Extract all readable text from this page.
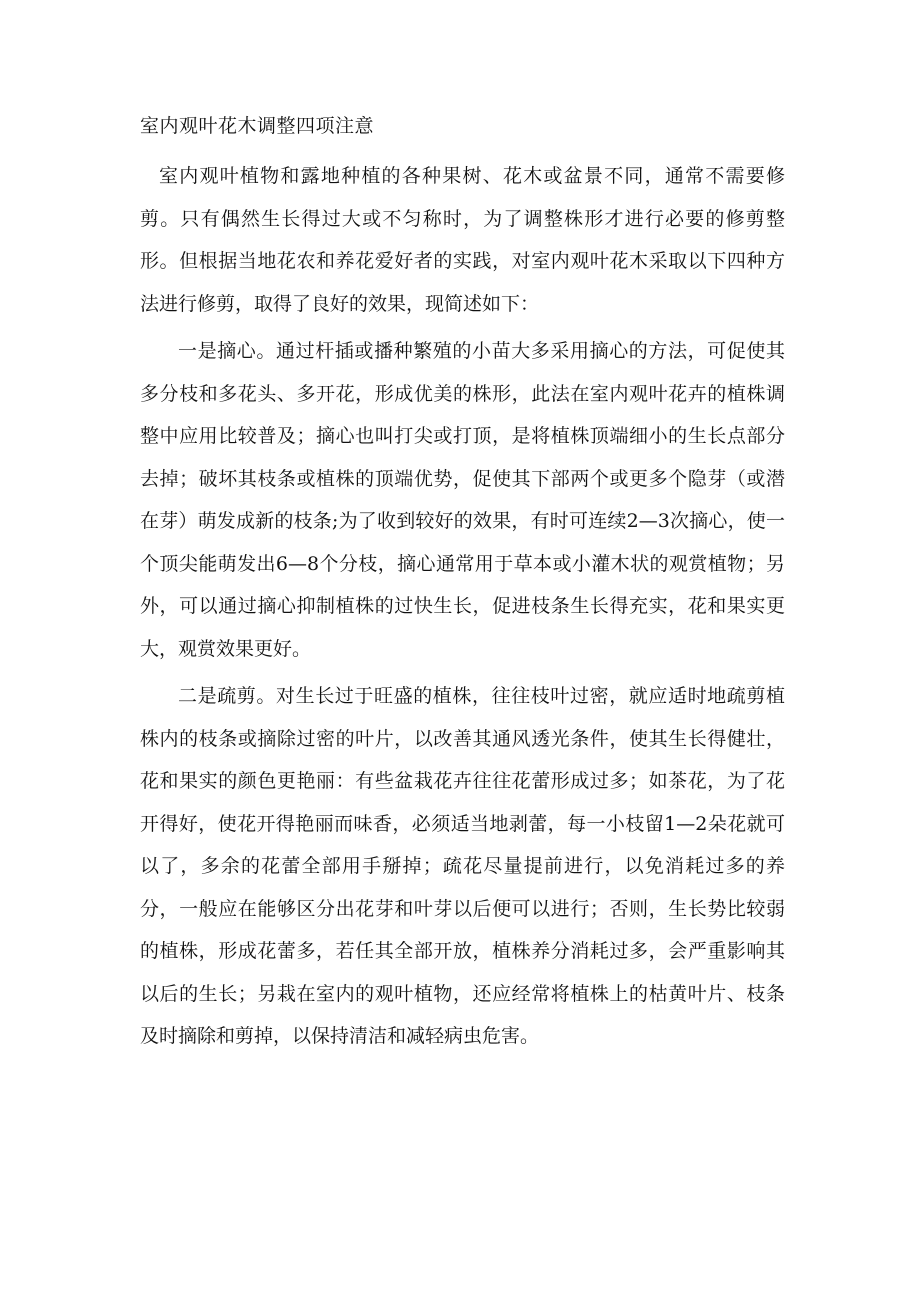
室内观叶花木调整四项注意

室内观叶植物和露地种植的各种果树、花木或盆景不同，通常不需要修剪。只有偶然生长得过大或不匀称时，为了调整株形才进行必要的修剪整形。但根据当地花农和养花爱好者的实践，对室内观叶花木采取以下四种方法进行修剪，取得了良好的效果，现简述如下：

一是摘心。通过杆插或播种繁殖的小苗大多采用摘心的方法，可促使其多分枝和多花头、多开花，形成优美的株形，此法在室内观叶花卉的植株调整中应用比较普及；摘心也叫打尖或打顶，是将植株顶端细小的生长点部分去掉；破坏其枝条或植株的顶端优势，促使其下部两个或更多个隐芽（或潜在芽）萌发成新的枝条;为了收到较好的效果，有时可连续2—3次摘心，使一个顶尖能萌发出6—8个分枝，摘心通常用于草本或小灌木状的观赏植物；另外，可以通过摘心抑制植株的过快生长，促进枝条生长得充实，花和果实更大，观赏效果更好。

二是疏剪。对生长过于旺盛的植株，往往枝叶过密，就应适时地疏剪植株内的枝条或摘除过密的叶片，以改善其通风透光条件，使其生长得健壮，花和果实的颜色更艳丽：有些盆栽花卉往往花蕾形成过多；如茶花，为了花开得好，使花开得艳丽而味香，必须适当地剥蕾，每一小枝留1—2朵花就可以了，多余的花蕾全部用手掰掉；疏花尽量提前进行，以免消耗过多的养分，一般应在能够区分出花芽和叶芽以后便可以进行；否则，生长势比较弱的植株，形成花蕾多，若任其全部开放，植株养分消耗过多，会严重影响其以后的生长；另栽在室内的观叶植物，还应经常将植株上的枯黄叶片、枝条及时摘除和剪掉，以保持清洁和减轻病虫危害。
